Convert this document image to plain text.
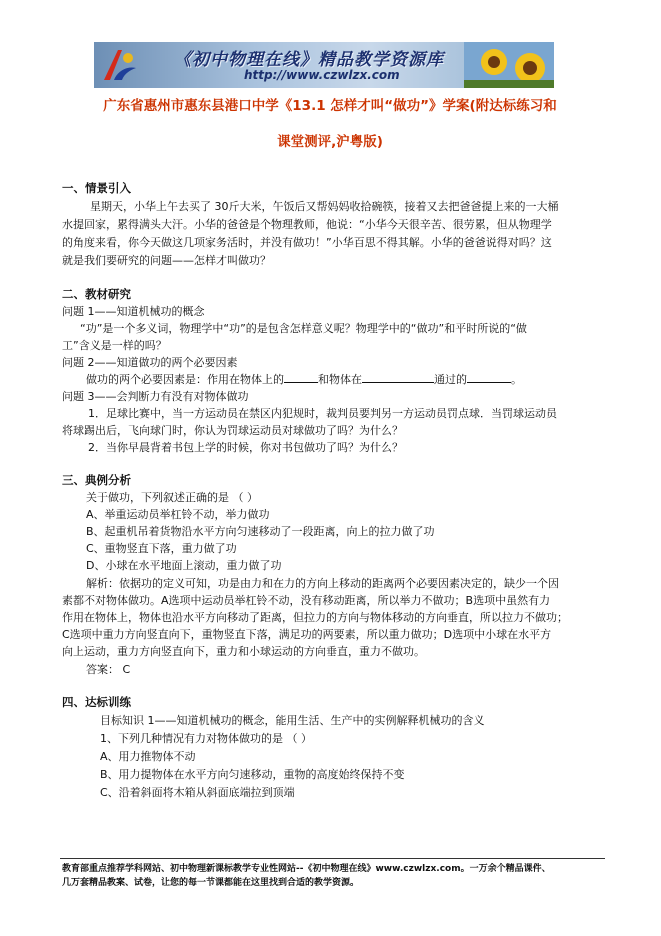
《初中物理在线》精品教学资源库
http://www.czwlzx.com
广东省惠州市惠东县港口中学《13.1 怎样才叫“做功”》学案(附达标练习和
课堂测评,沪粤版)
一、情景引入
星期天，小华上午去买了 30斤大米，午饭后又帮妈妈收拾碗筷，接着又去把爸爸提上来的一大桶
水提回家，累得满头大汗。小华的爸爸是个物理教师，他说：“小华今天很辛苦、很劳累，但从物理学
的角度来看，你今天做这几项家务活时，并没有做功！”小华百思不得其解。小华的爸爸说得对吗？这
就是我们要研究的问题——怎样才叫做功？
二、教材研究
问题 1——知道机械功的概念
“功”是一个多义词，物理学中“功”的是包含怎样意义呢？物理学中的“做功”和平时所说的“做
工”含义是一样的吗？
问题 2——知道做功的两个必要因素
做功的两个必要因素是：作用在物体上的	和物体在	通过的	。
问题 3——会判断力有没有对物体做功
1．足球比赛中，当一方运动员在禁区内犯规时，裁判员要判另一方运动员罚点球．当罚球运动员
将球踢出后，飞向球门时，你认为罚球运动员对球做功了吗？为什么？
2．当你早晨背着书包上学的时候，你对书包做功了吗？为什么？
三、典例分析
关于做功，下列叙述正确的是 （ ）
A、举重运动员举杠铃不动，举力做功
B、起重机吊着货物沿水平方向匀速移动了一段距离，向上的拉力做了功
C、重物竖直下落，重力做了功
D、小球在水平地面上滚动，重力做了功
解析：依据功的定义可知，功是由力和在力的方向上移动的距离两个必要因素决定的，缺少一个因
素都不对物体做功。A选项中运动员举杠铃不动，没有移动距离，所以举力不做功；B选项中虽然有力
作用在物体上，物体也沿水平方向移动了距离，但拉力的方向与物体移动的方向垂直，所以拉力不做功；
C选项中重力方向竖直向下，重物竖直下落，满足功的两要素，所以重力做功；D选项中小球在水平方
向上运动，重力方向竖直向下，重力和小球运动的方向垂直，重力不做功。
答案： C
四、达标训练
目标知识 1——知道机械功的概念，能用生活、生产中的实例解释机械功的含义
1、下列几种情况有力对物体做功的是 （ ）
A、用力推物体不动
B、用力提物体在水平方向匀速移动，重物的高度始终保持不变
C、沿着斜面将木箱从斜面底端拉到顶端
教育部重点推荐学科网站、初中物理新课标教学专业性网站--《初中物理在线》www.czwlzx.com。一万余个精品课件、
几万套精品教案、试卷，让您的每一节课都能在这里找到合适的教学资源。
